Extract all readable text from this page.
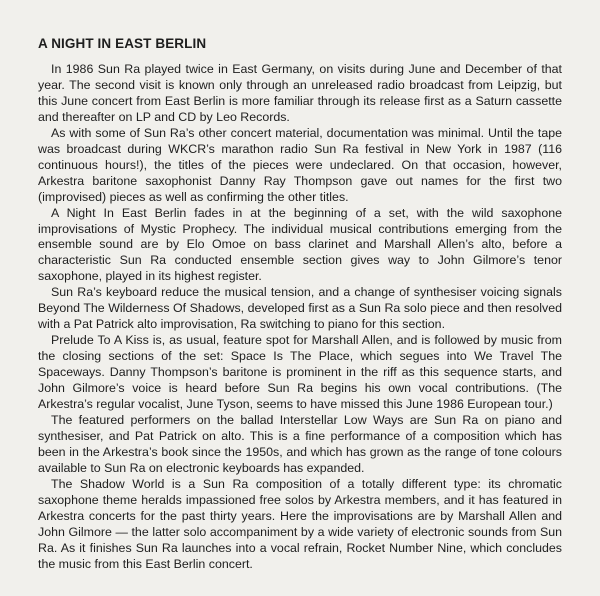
A NIGHT IN EAST BERLIN

In 1986 Sun Ra played twice in East Germany, on visits during June and December of that year. The second visit is known only through an unreleased radio broadcast from Leipzig, but this June concert from East Berlin is more familiar through its release first as a Saturn cassette and thereafter on LP and CD by Leo Records.

As with some of Sun Ra’s other concert material, documentation was minimal. Until the tape was broadcast during WKCR’s marathon radio Sun Ra festival in New York in 1987 (116 continuous hours!), the titles of the pieces were undeclared. On that occasion, however, Arkestra baritone saxophonist Danny Ray Thompson gave out names for the first two (improvised) pieces as well as confirming the other titles.

A Night In East Berlin fades in at the beginning of a set, with the wild saxophone improvisations of Mystic Prophecy. The individual musical contributions emerging from the ensemble sound are by Elo Omoe on bass clarinet and Marshall Allen’s alto, before a characteristic Sun Ra conducted ensemble section gives way to John Gilmore’s tenor saxophone, played in its highest register.

Sun Ra’s keyboard reduce the musical tension, and a change of synthesiser voicing signals Beyond The Wilderness Of Shadows, developed first as a Sun Ra solo piece and then resolved with a Pat Patrick alto improvisation, Ra switching to piano for this section.

Prelude To A Kiss is, as usual, feature spot for Marshall Allen, and is followed by music from the closing sections of the set: Space Is The Place, which segues into We Travel The Spaceways. Danny Thompson’s baritone is prominent in the riff as this sequence starts, and John Gilmore’s voice is heard before Sun Ra begins his own vocal contributions. (The Arkestra’s regular vocalist, June Tyson, seems to have missed this June 1986 European tour.)

The featured performers on the ballad Interstellar Low Ways are Sun Ra on piano and synthesiser, and Pat Patrick on alto. This is a fine performance of a composition which has been in the Arkestra’s book since the 1950s, and which has grown as the range of tone colours available to Sun Ra on electronic keyboards has expanded.

The Shadow World is a Sun Ra composition of a totally different type: its chromatic saxophone theme heralds impassioned free solos by Arkestra members, and it has featured in Arkestra concerts for the past thirty years. Here the improvisations are by Marshall Allen and John Gilmore — the latter solo accompaniment by a wide variety of electronic sounds from Sun Ra. As it finishes Sun Ra launches into a vocal refrain, Rocket Number Nine, which concludes the music from this East Berlin concert.
